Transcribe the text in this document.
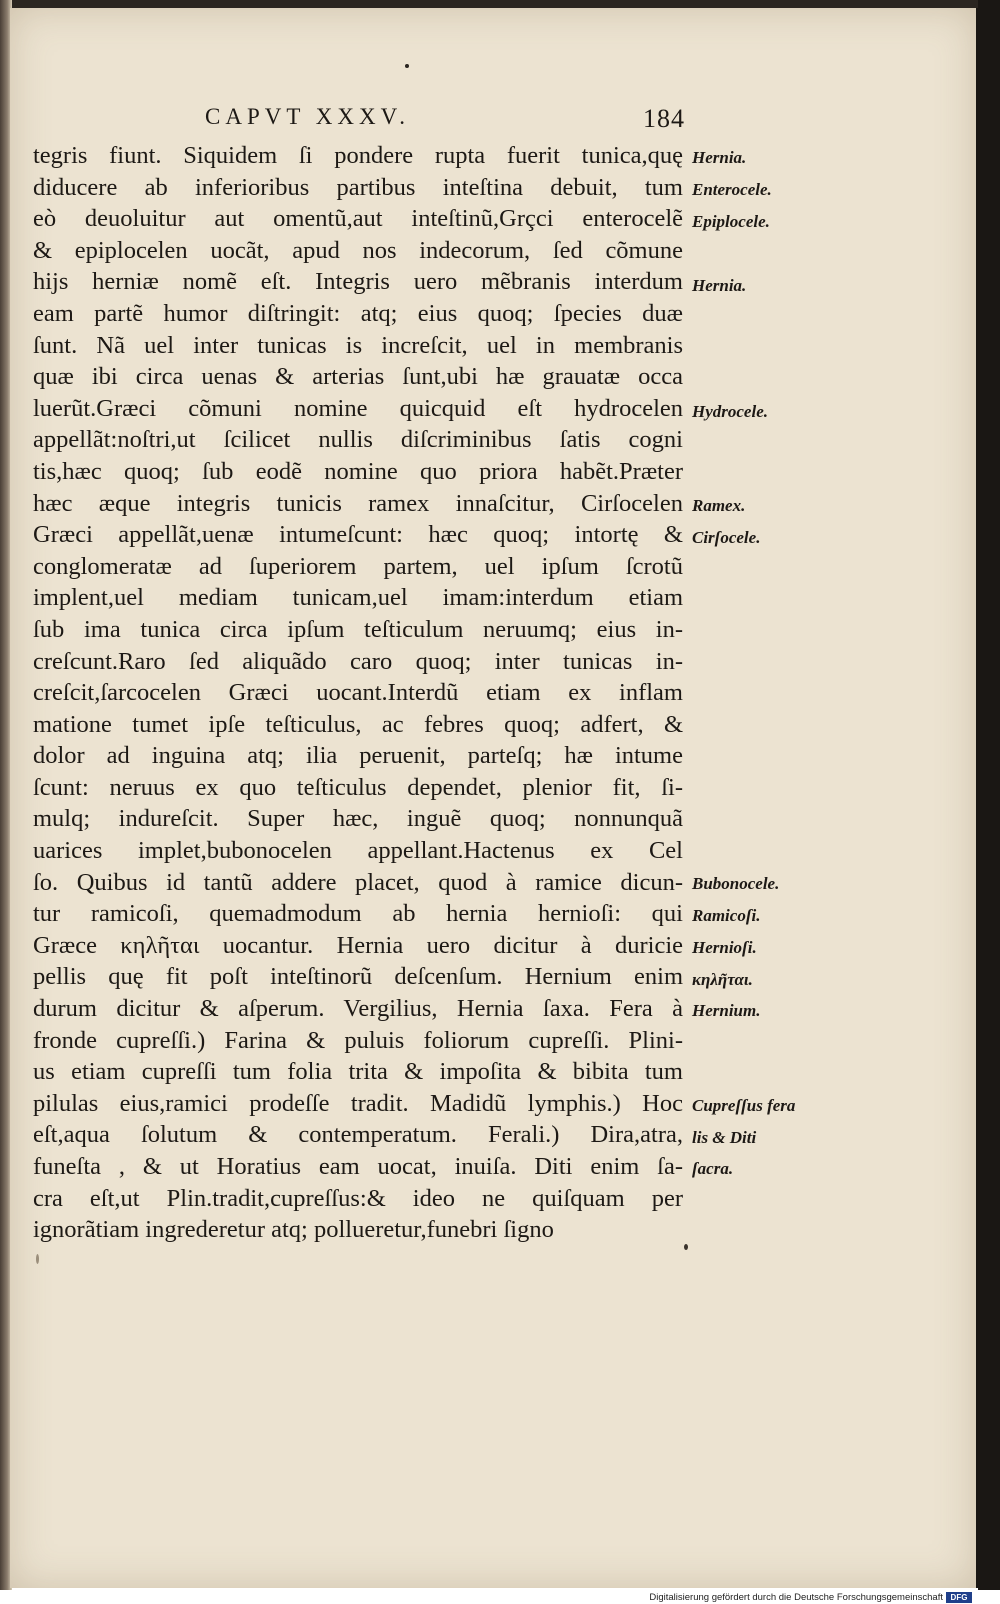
CAPVT XXXV.	184
tegris fiunt. Siquidem ſi pondere rupta fuerit tunica,quę
diducere ab inferioribus partibus inteſtina debuit, tum
eò deuoluitur aut omentũ,aut inteſtinũ,Grçci enterocelẽ
& epiplocelen uocãt, apud nos indecorum, ſed cõmune
hijs herniæ nomẽ eſt. Integris uero mẽbranis interdum
eam partẽ humor diſtringit: atq; eius quoq; ſpecies duæ
ſunt. Nã uel inter tunicas is increſcit, uel in membranis
quæ ibi circa uenas & arterias ſunt,ubi hæ grauatæ occa
luerũt.Græci cõmuni nomine quicquid eſt hydrocelen
appellãt:noſtri,ut ſcilicet nullis diſcriminibus ſatis cogni
tis,hæc quoq; ſub eodẽ nomine quo priora habẽt.Præter
hæc æque integris tunicis ramex innaſcitur, Cirſocelen
Græci appellãt,uenæ intumeſcunt: hæc quoq; intortę &
conglomeratæ ad ſuperiorem partem, uel ipſum ſcrotũ
implent,uel mediam tunicam,uel imam:interdum etiam
ſub ima tunica circa ipſum teſticulum neruumq; eius in-
creſcunt.Raro ſed aliquãdo caro quoq; inter tunicas in-
creſcit,ſarcocelen Græci uocant.Interdũ etiam ex inflam
matione tumet ipſe teſticulus, ac febres quoq; adfert, &
dolor ad inguina atq; ilia peruenit, parteſq; hæ intume
ſcunt: neruus ex quo teſticulus dependet, plenior fit, ſi-
mulq; indureſcit. Super hæc, inguẽ quoq; nonnunquã
uarices implet,bubonocelen appellant.Hactenus ex Cel
ſo. Quibus id tantũ addere placet, quod à ramice dicun-
tur ramicoſi, quemadmodum ab hernia hernioſi: qui
Græce κηλῆται uocantur. Hernia uero dicitur à duricie
pellis quę fit poſt inteſtinorũ deſcenſum. Hernium enim
durum dicitur & aſperum. Vergilius, Hernia ſaxa. Fera à
fronde cupreſſi.) Farina & puluis foliorum cupreſſi. Plini-
us etiam cupreſſi tum folia trita & impoſita & bibita tum
pilulas eius,ramici prodeſſe tradit. Madidũ lymphis.) Hoc
eſt,aqua ſolutum & contemperatum. Ferali.) Dira,atra,
funeſta , & ut Horatius eam uocat, inuiſa. Diti enim ſa-
cra eſt,ut Plin.tradit,cupreſſus:& ideo ne quiſquam per
ignorãtiam ingrederetur atq; pollueretur,funebri ſigno
Hernia.
Enterocele.
Epiplocele.
Hernia.
Hydrocele.
Ramex.
Cirſocele.
Bubonocele.
Ramicoſi.
Hernioſi.
κηλῆται.
Hernium.
Cupreſſus fera
lis & Diti
ſacra.
Digitalisierung gefördert durch die Deutsche Forschungsgemeinschaft DFG
